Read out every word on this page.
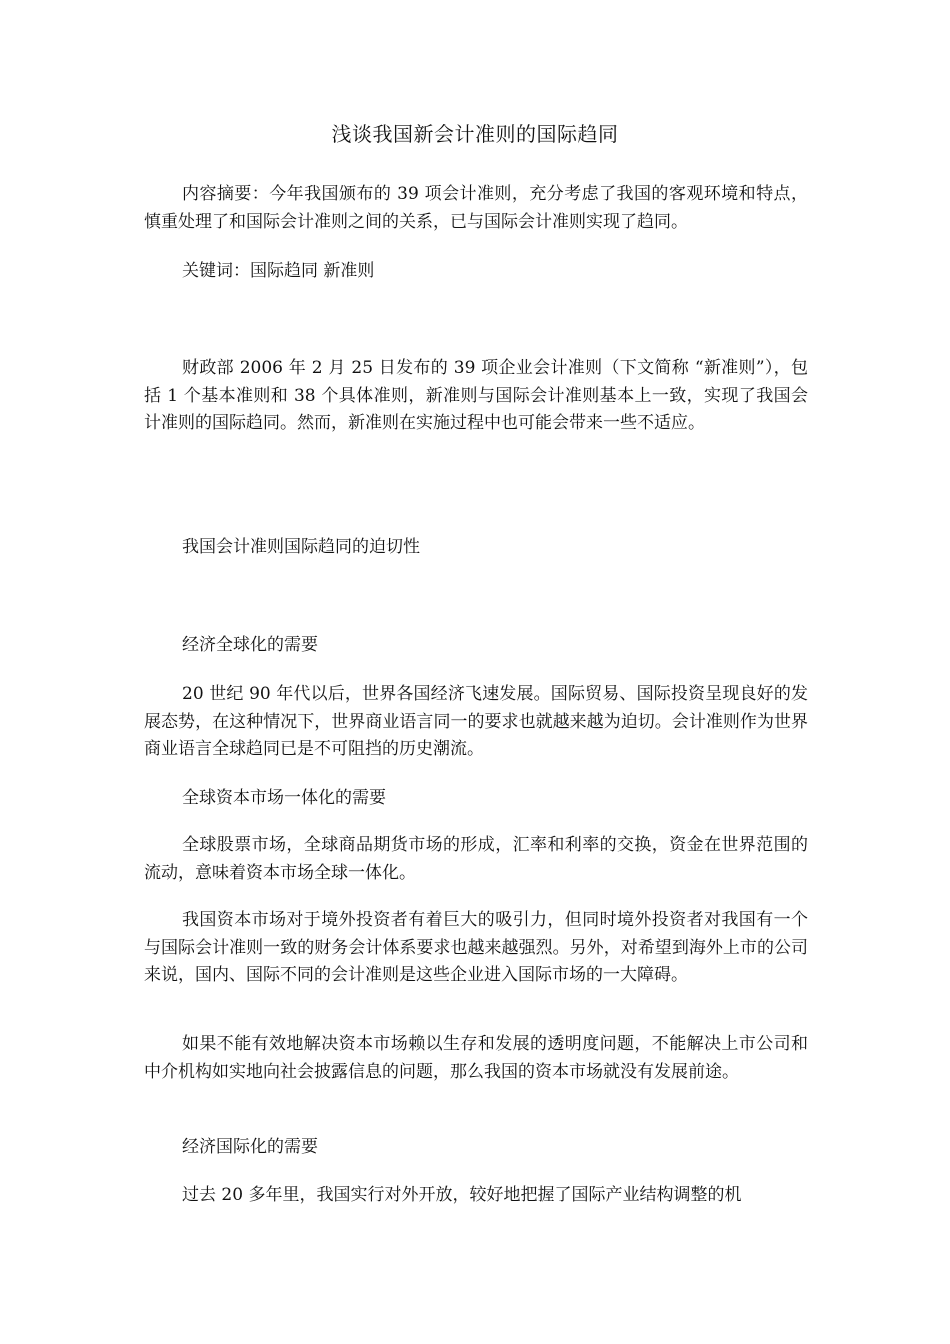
浅谈我国新会计准则的国际趋同

内容摘要：今年我国颁布的 39 项会计准则，充分考虑了我国的客观环境和特点，慎重处理了和国际会计准则之间的关系，已与国际会计准则实现了趋同。

关键词：国际趋同 新准则

财政部 2006 年 2 月 25 日发布的 39 项企业会计准则（下文简称 “新准则”），包括 1 个基本准则和 38 个具体准则，新准则与国际会计准则基本上一致，实现了我国会计准则的国际趋同。然而，新准则在实施过程中也可能会带来一些不适应。

我国会计准则国际趋同的迫切性

经济全球化的需要

20 世纪 90 年代以后，世界各国经济飞速发展。国际贸易、国际投资呈现良好的发展态势，在这种情况下，世界商业语言同一的要求也就越来越为迫切。会计准则作为世界商业语言全球趋同已是不可阻挡的历史潮流。

全球资本市场一体化的需要

全球股票市场，全球商品期货市场的形成，汇率和利率的交换，资金在世界范围的流动，意味着资本市场全球一体化。

我国资本市场对于境外投资者有着巨大的吸引力，但同时境外投资者对我国有一个与国际会计准则一致的财务会计体系要求也越来越强烈。另外，对希望到海外上市的公司来说，国内、国际不同的会计准则是这些企业进入国际市场的一大障碍。

如果不能有效地解决资本市场赖以生存和发展的透明度问题，不能解决上市公司和中介机构如实地向社会披露信息的问题，那么我国的资本市场就没有发展前途。

经济国际化的需要

过去 20 多年里，我国实行对外开放，较好地把握了国际产业结构调整的机
